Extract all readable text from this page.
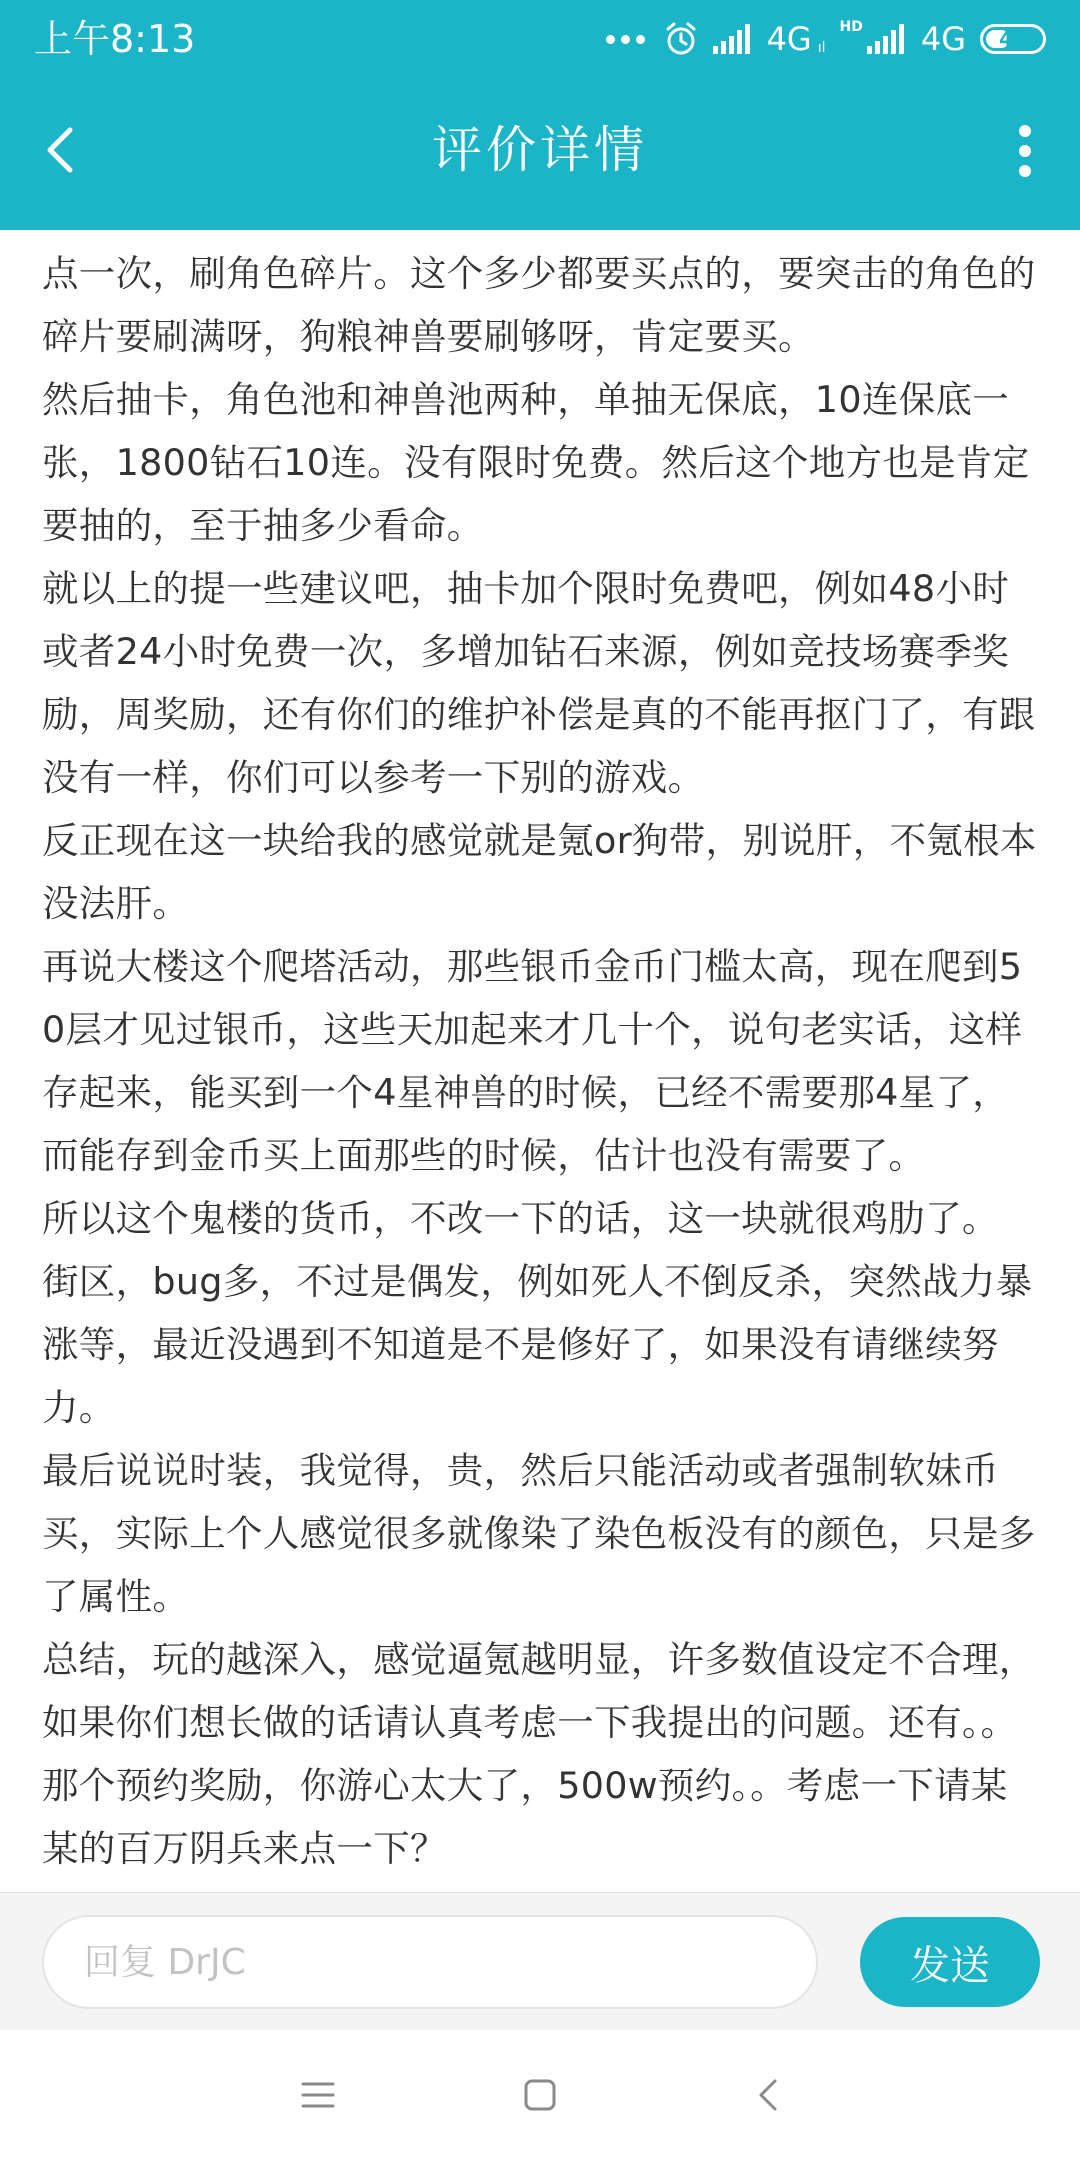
上午8:13	4G ıl
HD 4G 45
评价详情

点一次，刷角色碎片。这个多少都要买点的，要突击的角色的碎片要刷满呀，狗粮神兽要刷够呀，肯定要买。

然后抽卡，角色池和神兽池两种，单抽无保底，10连保底一张，1800钻石10连。没有限时免费。然后这个地方也是肯定要抽的，至于抽多少看命。

就以上的提一些建议吧，抽卡加个限时免费吧，例如48小时或者24小时免费一次，多增加钻石来源，例如竞技场赛季奖励，周奖励，还有你们的维护补偿是真的不能再抠门了，有跟没有一样，你们可以参考一下别的游戏。

反正现在这一块给我的感觉就是氪or狗带，别说肝，不氪根本没法肝。

再说大楼这个爬塔活动，那些银币金币门槛太高，现在爬到50层才见过银币，这些天加起来才几十个，说句老实话，这样存起来，能买到一个4星神兽的时候，已经不需要那4星了，而能存到金币买上面那些的时候，估计也没有需要了。

所以这个鬼楼的货币，不改一下的话，这一块就很鸡肋了。

街区，bug多，不过是偶发，例如死人不倒反杀，突然战力暴涨等，最近没遇到不知道是不是修好了，如果没有请继续努力。

最后说说时装，我觉得，贵，然后只能活动或者强制软妹币买，实际上个人感觉很多就像染了染色板没有的颜色，只是多了属性。

总结，玩的越深入，感觉逼氪越明显，许多数值设定不合理，如果你们想长做的话请认真考虑一下我提出的问题。还有。。那个预约奖励，你游心太大了，500w预约。。考虑一下请某某的百万阴兵来点一下？

回复 DrJC
发送
